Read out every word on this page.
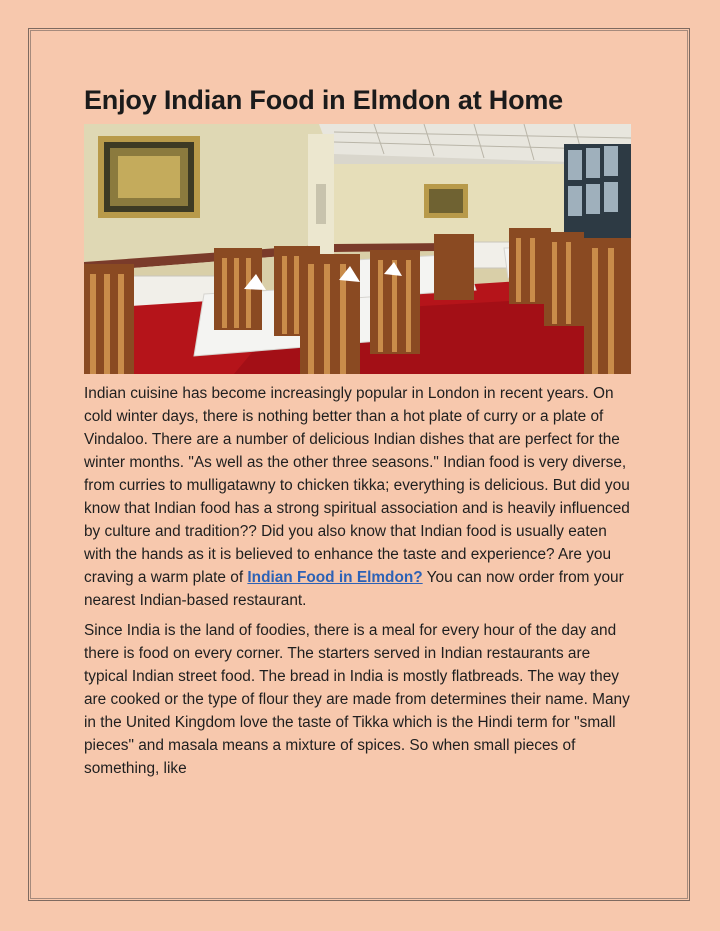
Enjoy Indian Food in Elmdon at Home

Indian cuisine has become increasingly popular in London in recent years. On cold winter days, there is nothing better than a hot plate of curry or a plate of Vindaloo. There are a number of delicious Indian dishes that are perfect for the winter months. "As well as the other three seasons." Indian food is very diverse, from curries to mulligatawny to chicken tikka; everything is delicious. But did you know that Indian food has a strong spiritual association and is heavily influenced by culture and tradition?? Did you also know that Indian food is usually eaten with the hands as it is believed to enhance the taste and experience? Are you craving a warm plate of Indian Food in Elmdon? You can now order from your nearest Indian-based restaurant.

Since India is the land of foodies, there is a meal for every hour of the day and there is food on every corner. The starters served in Indian restaurants are typical Indian street food. The bread in India is mostly flatbreads. The way they are cooked or the type of flour they are made from determines their name. Many in the United Kingdom love the taste of Tikka which is the Hindi term for "small pieces" and masala means a mixture of spices. So when small pieces of something, like
